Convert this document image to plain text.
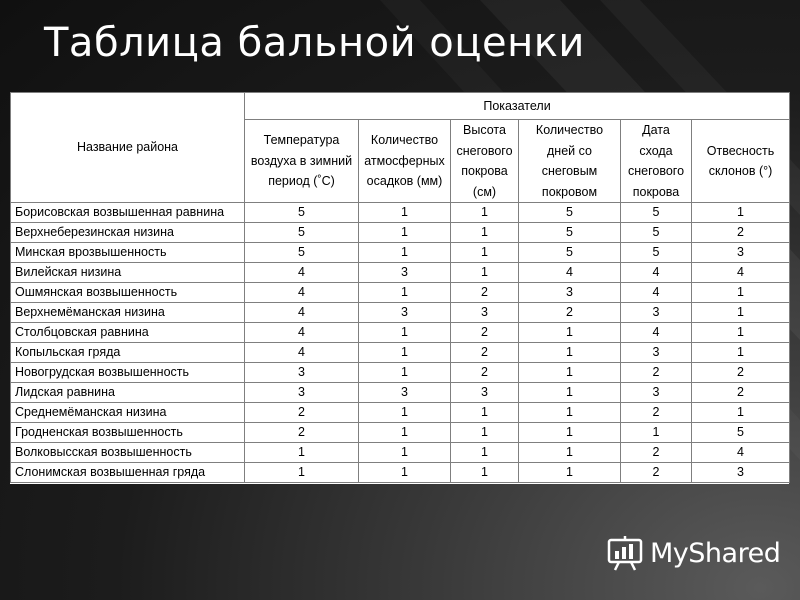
Таблица бальной оценки
Название района	Показатели					
	Температура воздуха в зимний период (˚C)	Количество атмосферных осадков (мм)	Высота снегового покрова (см)	Количество дней со снеговым покровом	Дата схода снегового покрова	Отвесность склонов (°)
Борисовская возвышенная равнина	5	1	1	5	5	1
Верхнеберезинская низина	5	1	1	5	5	2
Минская врозвышенность	5	1	1	5	5	3
Вилейская низина	4	3	1	4	4	4
Ошмянская возвышенность	4	1	2	3	4	1
Верхнемёманская низина	4	3	3	2	3	1
Столбцовская равнина	4	1	2	1	4	1
Копыльская гряда	4	1	2	1	3	1
Новогрудская возвышенность	3	1	2	1	2	2
Лидская равнина	3	3	3	1	3	2
Среднемёманская низина	2	1	1	1	2	1
Гродненская возвышенность	2	1	1	1	1	5
Волковысская возвышенность	1	1	1	1	2	4
Слонимская возвышенная гряда	1	1	1	1	2	3
MyShared
